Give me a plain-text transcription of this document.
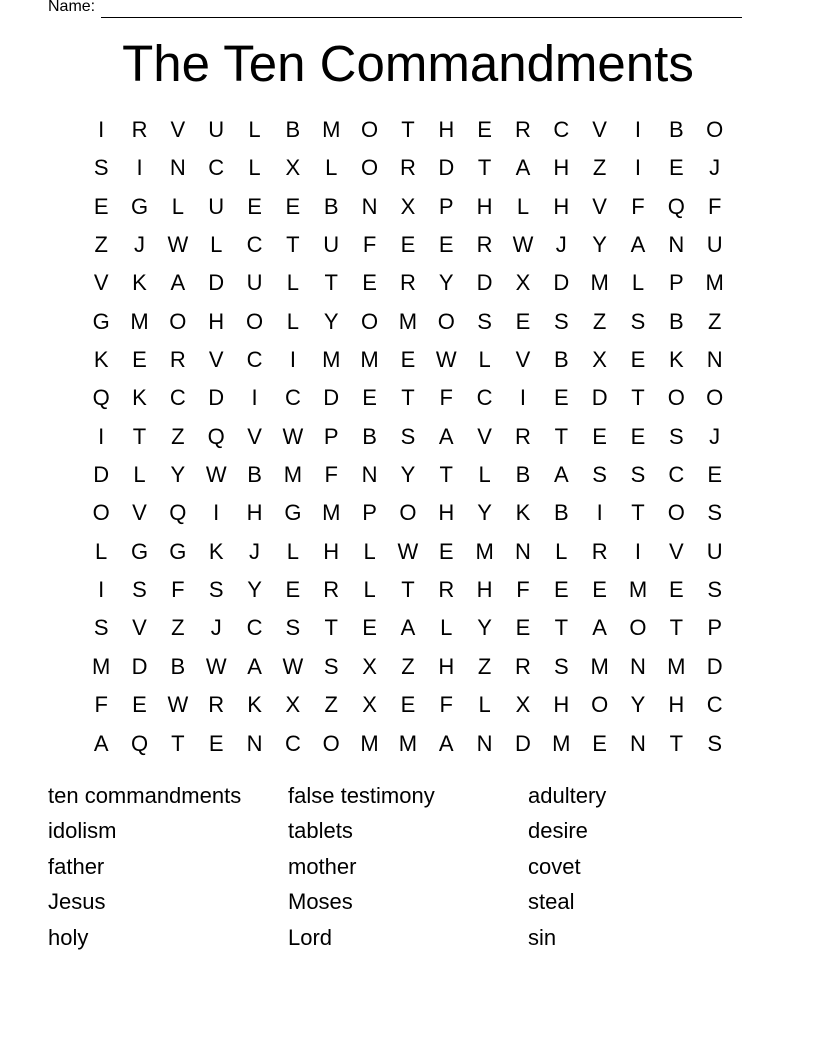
Name:
The Ten Commandments
I	R	V	U	L	B M O	T	H	E	R	C	V	I	B	O
S	I	N	C	L	X	L	O R	D	T	A	H	Z	I	E	J
E	G	L	U	E	E	B	N	X	P	H	L	H	V	F	Q	F
Z	J	W L	C	T	U	F	E	E	R W	J	Y	A	N	U
V	K	A	D	U	L	T	E	R	Y	D	X	D M	L	P M
G M O H O	L	Y	O M O	S	E	S	Z	S	B	Z
K	E	R	V	C	I	M M E W L	V	B	X	E	K	N
Q	K	C	D	I	C	D	E	T	F	C	I	E	D	T	O O
I	T	Z	Q	V W P	B	S	A	V	R	T	E	E	S	J
D	L	Y W B M	F	N	Y	T	L	B	A	S	S	C	E
O	V	Q	I	H G M P	O H	Y	K	B	I	T	O	S
L	G G	K	J	L	H	L W E M N	L	R	I	V	U
I	S	F	S	Y	E	R	L	T	R	H	F	E	E M E	S
S	V	Z	J	C	S	T	E	A	L	Y	E	T	A	O	T	P
M D	B W A W S	X	Z	H	Z	R	S M N M D
F	E W R	K	X	Z	X	E	F	L	X	H O	Y	H	C
A	Q	T	E	N	C O M M A	N	D M E	N	T	S
ten commandments	false testimony	adultery
idolism	tablets	desire
father	mother	covet
Jesus	Moses	steal
holy	Lord	sin
